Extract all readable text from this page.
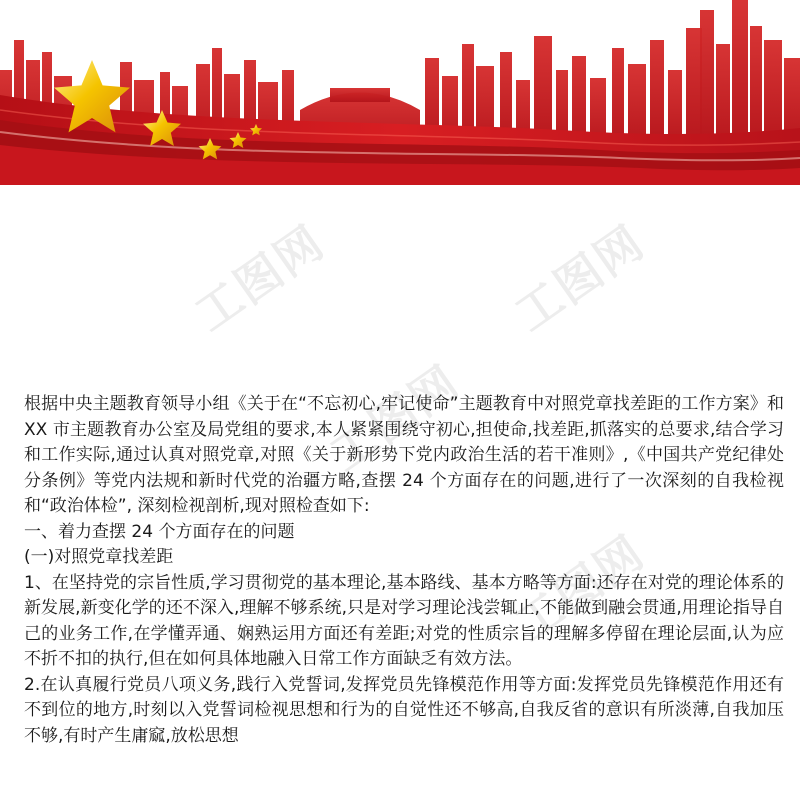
工图网	工图网
工图网
工图网

根据中央主题教育领导小组《关于在“不忘初心,牢记使命”主题教育中对照党章找差距的工作方案》和 XX 市主题教育办公室及局党组的要求,本人紧紧围绕守初心,担使命,找差距,抓落实的总要求,结合学习和工作实际,通过认真对照党章,对照《关于新形势下党内政治生活的若干准则》,《中国共产党纪律处分条例》等党内法规和新时代党的治疆方略,查摆 24 个方面存在的问题,进行了一次深刻的自我检视和“政治体检”, 深刻检视剖析,现对照检查如下:

一、着力查摆 24 个方面存在的问题

(一)对照党章找差距

1、在坚持党的宗旨性质,学习贯彻党的基本理论,基本路线、基本方略等方面:还存在对党的理论体系的新发展,新变化学的还不深入,理解不够系统,只是对学习理论浅尝辄止,不能做到融会贯通,用理论指导自己的业务工作,在学懂弄通、娴熟运用方面还有差距;对党的性质宗旨的理解多停留在理论层面,认为应不折不扣的执行,但在如何具体地融入日常工作方面缺乏有效方法。

2.在认真履行党员八项义务,践行入党誓词,发挥党员先锋模范作用等方面:发挥党员先锋模范作用还有不到位的地方,时刻以入党誓词检视思想和行为的自觉性还不够高,自我反省的意识有所淡薄,自我加压不够,有时产生庸窳,放松思想
